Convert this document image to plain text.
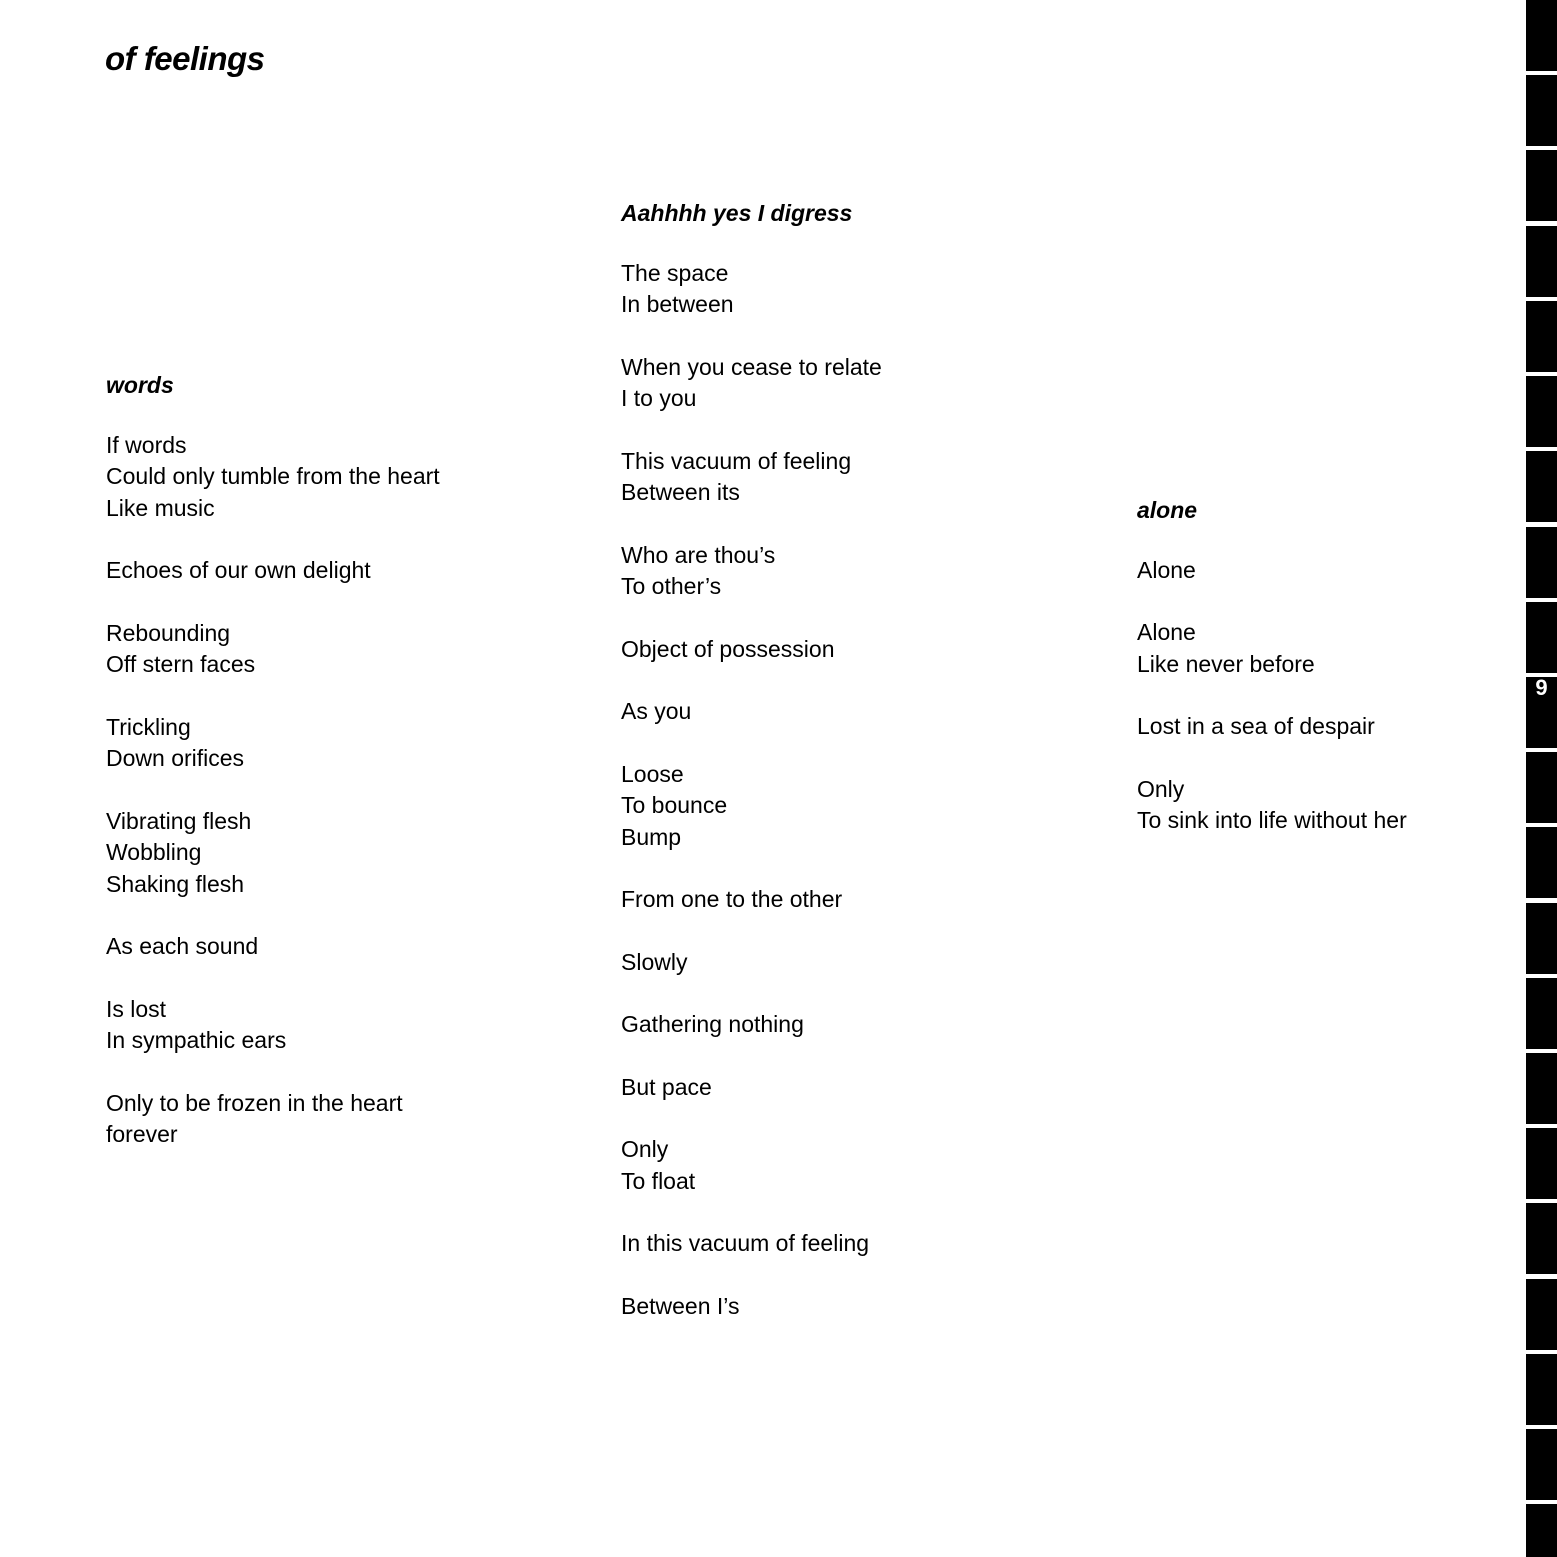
of feelings
words
If words
Could only tumble from the heart
Like music
Echoes of our own delight
Rebounding
Off stern faces
Trickling
Down orifices
Vibrating flesh
Wobbling
Shaking flesh
As each sound
Is lost
In sympathic ears
Only to be frozen in the heart
forever
Aahhhh yes I digress
The space
In between
When you cease to relate
I to you
This vacuum of feeling
Between its
Who are thou’s
To other’s
Object of possession
As you
Loose
To bounce
Bump
From one to the other
Slowly
Gathering nothing
But pace
Only
To float
In this vacuum of feeling
Between I’s
alone
Alone
Alone
Like never before
Lost in a sea of despair
Only
To sink into life without her
9
